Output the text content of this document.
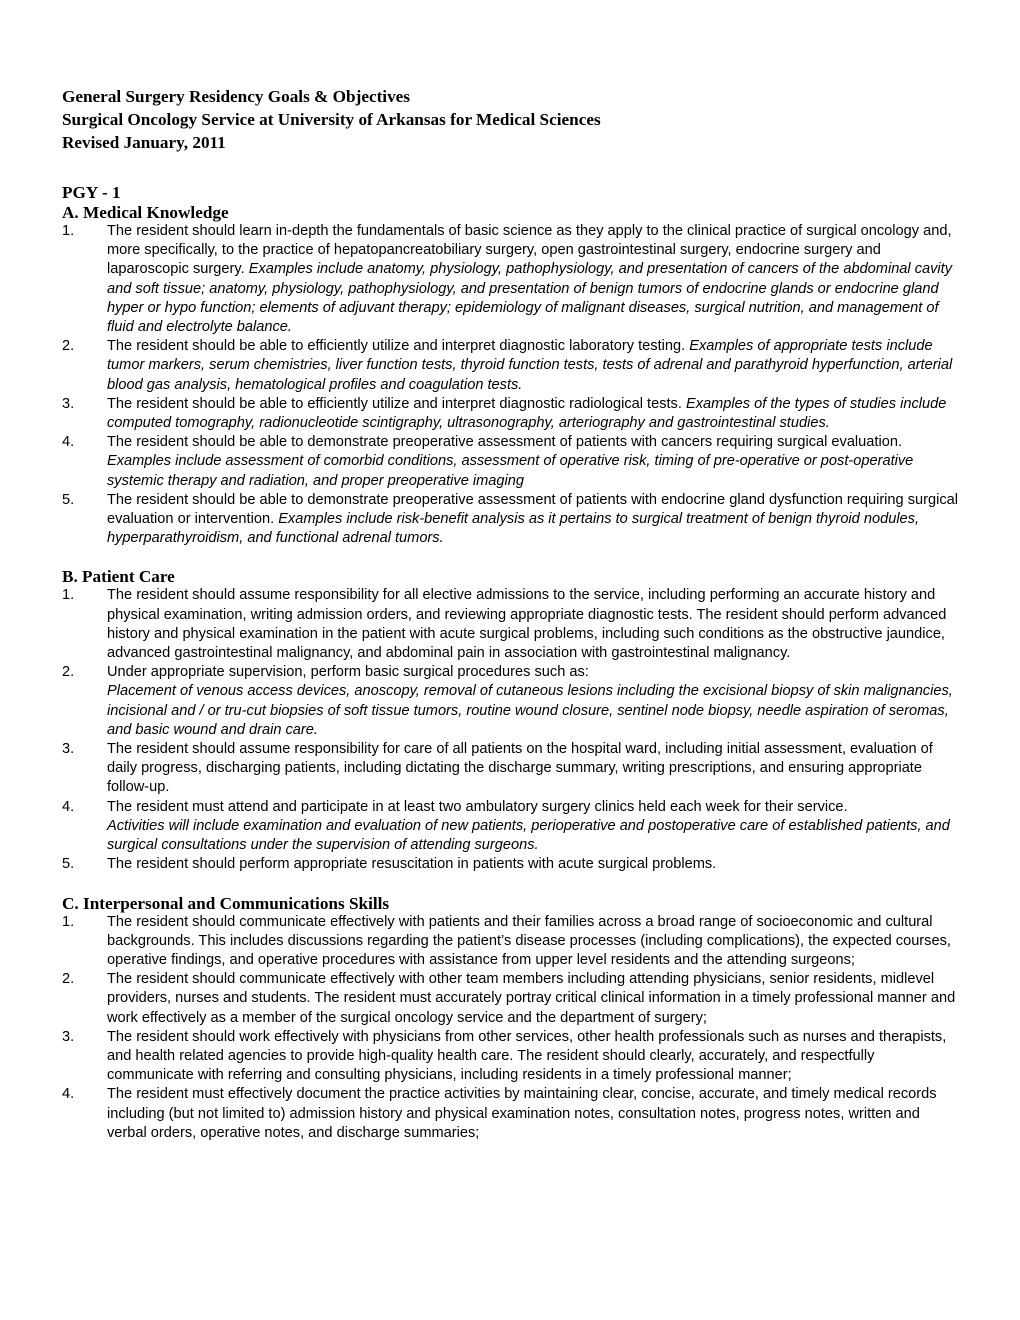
General Surgery Residency Goals & Objectives
Surgical Oncology Service at University of Arkansas for Medical Sciences
Revised January, 2011
PGY - 1
A. Medical Knowledge
1. The resident should learn in-depth the fundamentals of basic science as they apply to the clinical practice of surgical oncology and, more specifically, to the practice of hepatopancreatobiliary surgery, open gastrointestinal surgery, endocrine surgery and laparoscopic surgery. Examples include anatomy, physiology, pathophysiology, and presentation of cancers of the abdominal cavity and soft tissue; anatomy, physiology, pathophysiology, and presentation of benign tumors of endocrine glands or endocrine gland hyper or hypo function; elements of adjuvant therapy; epidemiology of malignant diseases, surgical nutrition, and management of fluid and electrolyte balance.

2. The resident should be able to efficiently utilize and interpret diagnostic laboratory testing. Examples of appropriate tests include tumor markers, serum chemistries, liver function tests, thyroid function tests, tests of adrenal and parathyroid hyperfunction, arterial blood gas analysis, hematological profiles and coagulation tests.

3. The resident should be able to efficiently utilize and interpret diagnostic radiological tests. Examples of the types of studies include computed tomography, radionucleotide scintigraphy, ultrasonography, arteriography and gastrointestinal studies.

4. The resident should be able to demonstrate preoperative assessment of patients with cancers requiring surgical evaluation. Examples include assessment of comorbid conditions, assessment of operative risk, timing of pre-operative or post-operative systemic therapy and radiation, and proper preoperative imaging

5. The resident should be able to demonstrate preoperative assessment of patients with endocrine gland dysfunction requiring surgical evaluation or intervention. Examples include risk-benefit analysis as it pertains to surgical treatment of benign thyroid nodules, hyperparathyroidism, and functional adrenal tumors.

B. Patient Care
1. The resident should assume responsibility for all elective admissions to the service, including performing an accurate history and physical examination, writing admission orders, and reviewing appropriate diagnostic tests. The resident should perform advanced history and physical examination in the patient with acute surgical problems, including such conditions as the obstructive jaundice, advanced gastrointestinal malignancy, and abdominal pain in association with gastrointestinal malignancy.

2. Under appropriate supervision, perform basic surgical procedures such as:

Placement of venous access devices, anoscopy, removal of cutaneous lesions including the excisional biopsy of skin malignancies, incisional and / or tru-cut biopsies of soft tissue tumors, routine wound closure, sentinel node biopsy, needle aspiration of seromas, and basic wound and drain care.

3. The resident should assume responsibility for care of all patients on the hospital ward, including initial assessment, evaluation of daily progress, discharging patients, including dictating the discharge summary, writing prescriptions, and ensuring appropriate follow-up.

4. The resident must attend and participate in at least two ambulatory surgery clinics held each week for their service.

Activities will include examination and evaluation of new patients, perioperative and postoperative care of established patients, and surgical consultations under the supervision of attending surgeons.

5. The resident should perform appropriate resuscitation in patients with acute surgical problems.

C. Interpersonal and Communications Skills
1. The resident should communicate effectively with patients and their families across a broad range of socioeconomic and cultural backgrounds. This includes discussions regarding the patient’s disease processes (including complications), the expected courses, operative findings, and operative procedures with assistance from upper level residents and the attending surgeons;

2. The resident should communicate effectively with other team members including attending physicians, senior residents, midlevel providers, nurses and students. The resident must accurately portray critical clinical information in a timely professional manner and work effectively as a member of the surgical oncology service and the department of surgery;

3. The resident should work effectively with physicians from other services, other health professionals such as nurses and therapists, and health related agencies to provide high-quality health care. The resident should clearly, accurately, and respectfully communicate with referring and consulting physicians, including residents in a timely professional manner;

4. The resident must effectively document the practice activities by maintaining clear, concise, accurate, and timely medical records including (but not limited to) admission history and physical examination notes, consultation notes, progress notes, written and verbal orders, operative notes, and discharge summaries;
